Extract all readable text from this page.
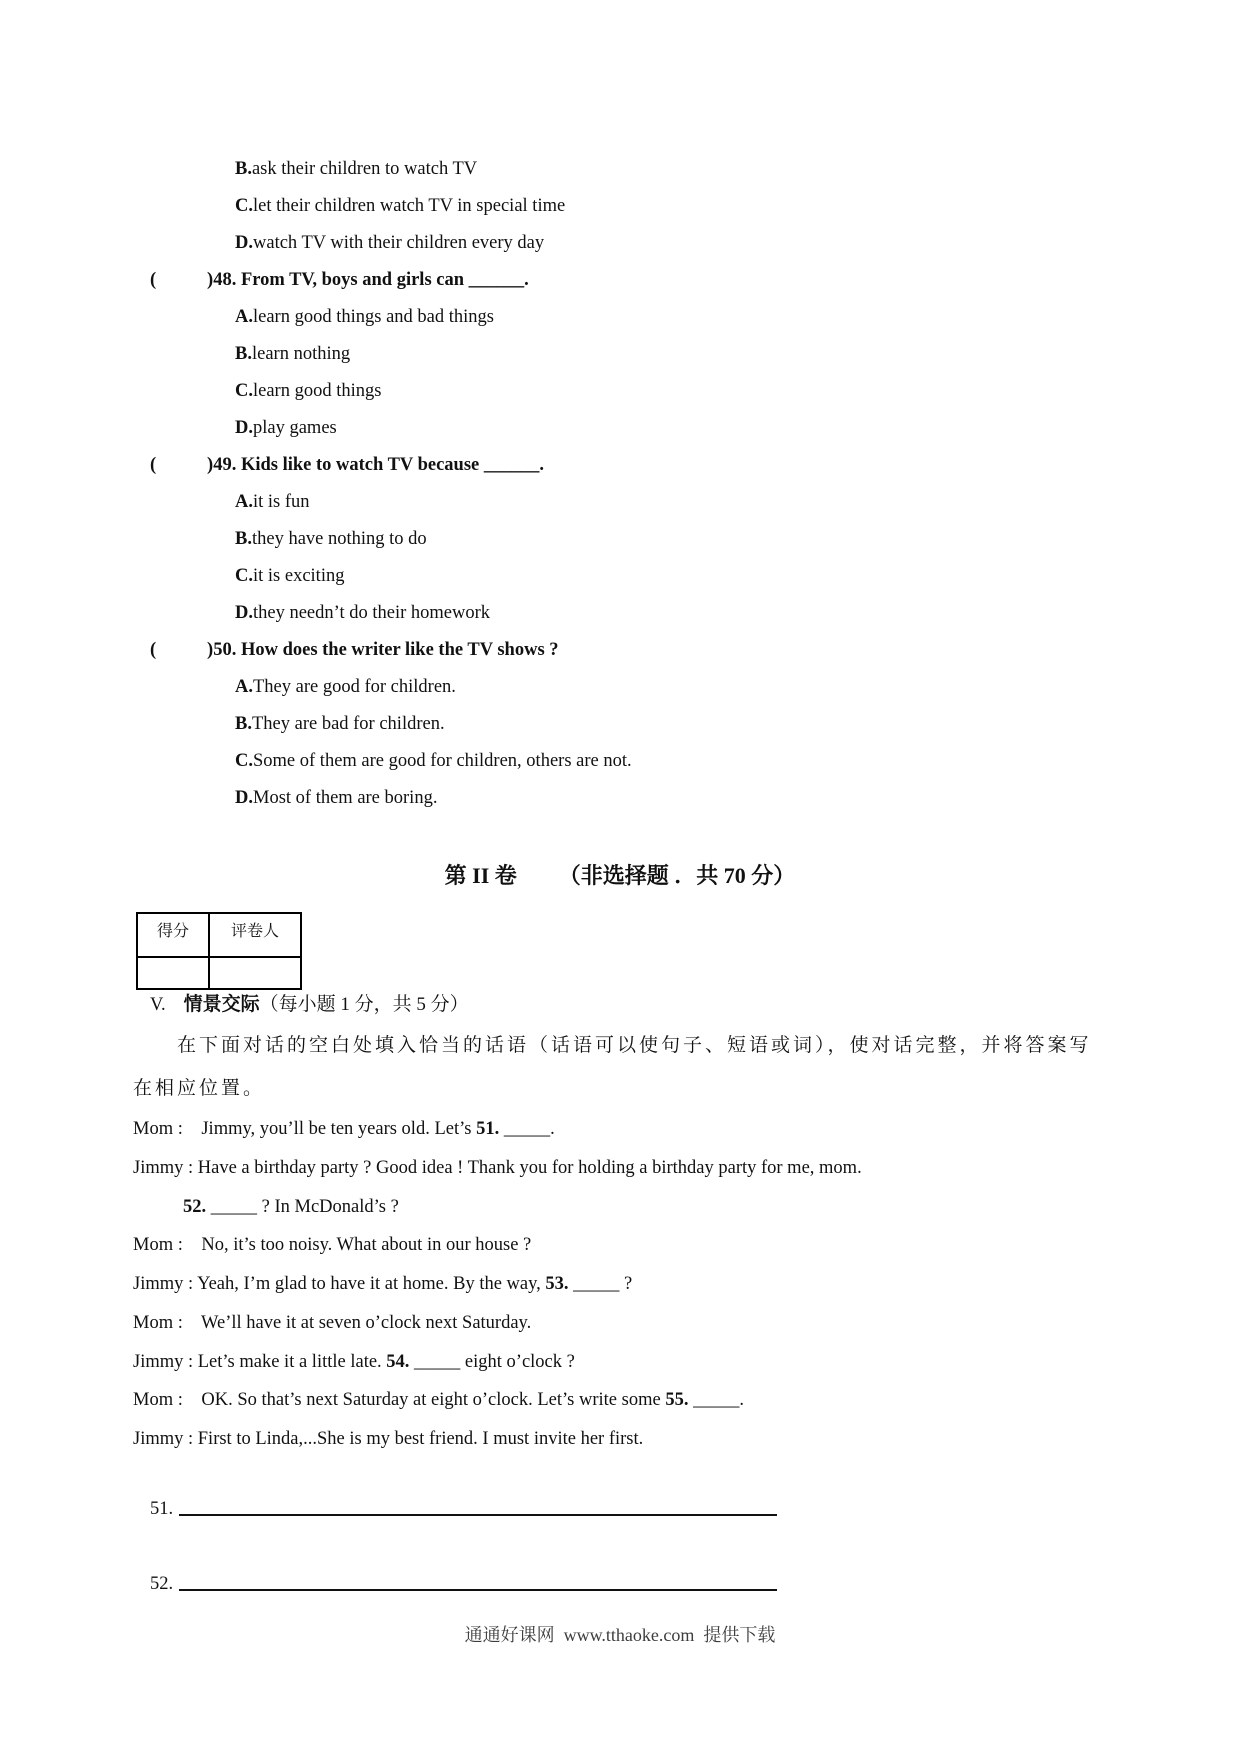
B.ask their children to watch TV
C.let their children watch TV in special time
D.watch TV with their children every day
(           )48. From TV, boys and girls can ______.
A.learn good things and bad things
B.learn nothing
C.learn good things
D.play games
(           )49. Kids like to watch TV because ______.
A.it is fun
B.they have nothing to do
C.it is exciting
D.they needn’t do their homework
(           )50. How does the writer like the TV shows ?
A.They are good for children.
B.They are bad for children.
C.Some of them are good for children, others are not.
D.Most of them are boring.
第 II 卷 （非选择题 ．共 70 分）
得分	评卷人

V. 情景交际（每小题 1 分，共 5 分）
在下面对话的空白处填入恰当的话语（话语可以使句子、短语或词），使对话完整，并将答案写
在相应位置。
Mom :    Jimmy, you’ll be ten years old. Let’s 51. _____.
Jimmy : Have a birthday party ? Good idea ! Thank you for holding a birthday party for me, mom.
52. _____ ? In McDonald’s ?
Mom :    No, it’s too noisy. What about in our house ?
Jimmy : Yeah, I’m glad to have it at home. By the way, 53. _____ ?
Mom :    We’ll have it at seven o’clock next Saturday.
Jimmy : Let’s make it a little late. 54. _____ eight o’clock ?
Mom :    OK. So that’s next Saturday at eight o’clock. Let’s write some 55. _____.
Jimmy : First to Linda,...She is my best friend. I must invite her first.
51.
52.
通通好课网  www.tthaoke.com  提供下载
